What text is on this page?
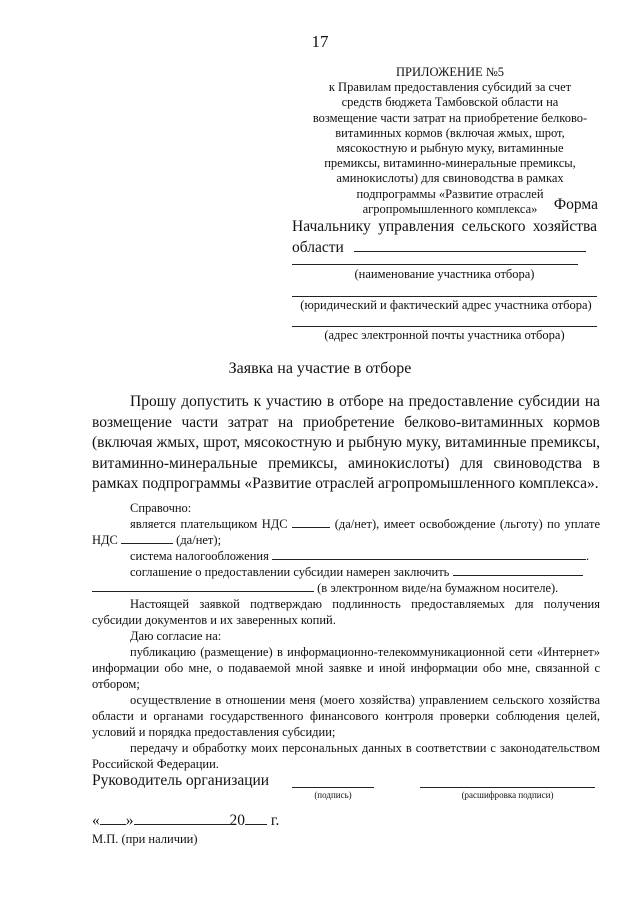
17
ПРИЛОЖЕНИЕ №5
к Правилам предоставления субсидий за счет
средств бюджета Тамбовской области на
возмещение части затрат на приобретение белково-
витаминных кормов (включая жмых, шрот,
мясокостную и рыбную муку, витаминные
премиксы, витаминно-минеральные премиксы,
аминокислоты) для свиноводства в рамках
подпрограммы «Развитие отраслей
агропромышленного комплекса»	Форма
Начальнику управления сельского хозяйства
области
(наименование участника отбора)
(юридический и фактический адрес участника отбора)
(адрес электронной почты участника отбора)
Заявка на участие в отборе
Прошу допустить к участию в отборе на предоставление субсидии на возмещение части затрат на приобретение белково-витаминных кормов (включая жмых, шрот, мясокостную и рыбную муку, витаминные премиксы, витаминно-минеральные премиксы, аминокислоты) для свиноводства в рамках подпрограммы «Развитие отраслей агропромышленного комплекса».
Справочно:
является плательщиком НДС	(да/нет), имеет освобождение (льготу) по уплате НДС	(да/нет);
система налогообложения	.
соглашение о предоставлении субсидии намерен заключить
(в электронном виде/на бумажном носителе).
Настоящей заявкой подтверждаю подлинность предоставляемых для получения субсидии документов и их заверенных копий.
Даю согласие на:
публикацию (размещение) в информационно-телекоммуникационной сети «Интернет» информации обо мне, о подаваемой мной заявке и иной информации обо мне, связанной с отбором;
осуществление в отношении меня (моего хозяйства) управлением сельского хозяйства области и органами государственного финансового контроля проверки соблюдения целей, условий и порядка предоставления субсидии;
передачу и обработку моих персональных данных в соответствии с законодательством Российской Федерации.
Руководитель организации
(подпись)	(расшифровка подписи)
« »	20 г.
М.П. (при наличии)
